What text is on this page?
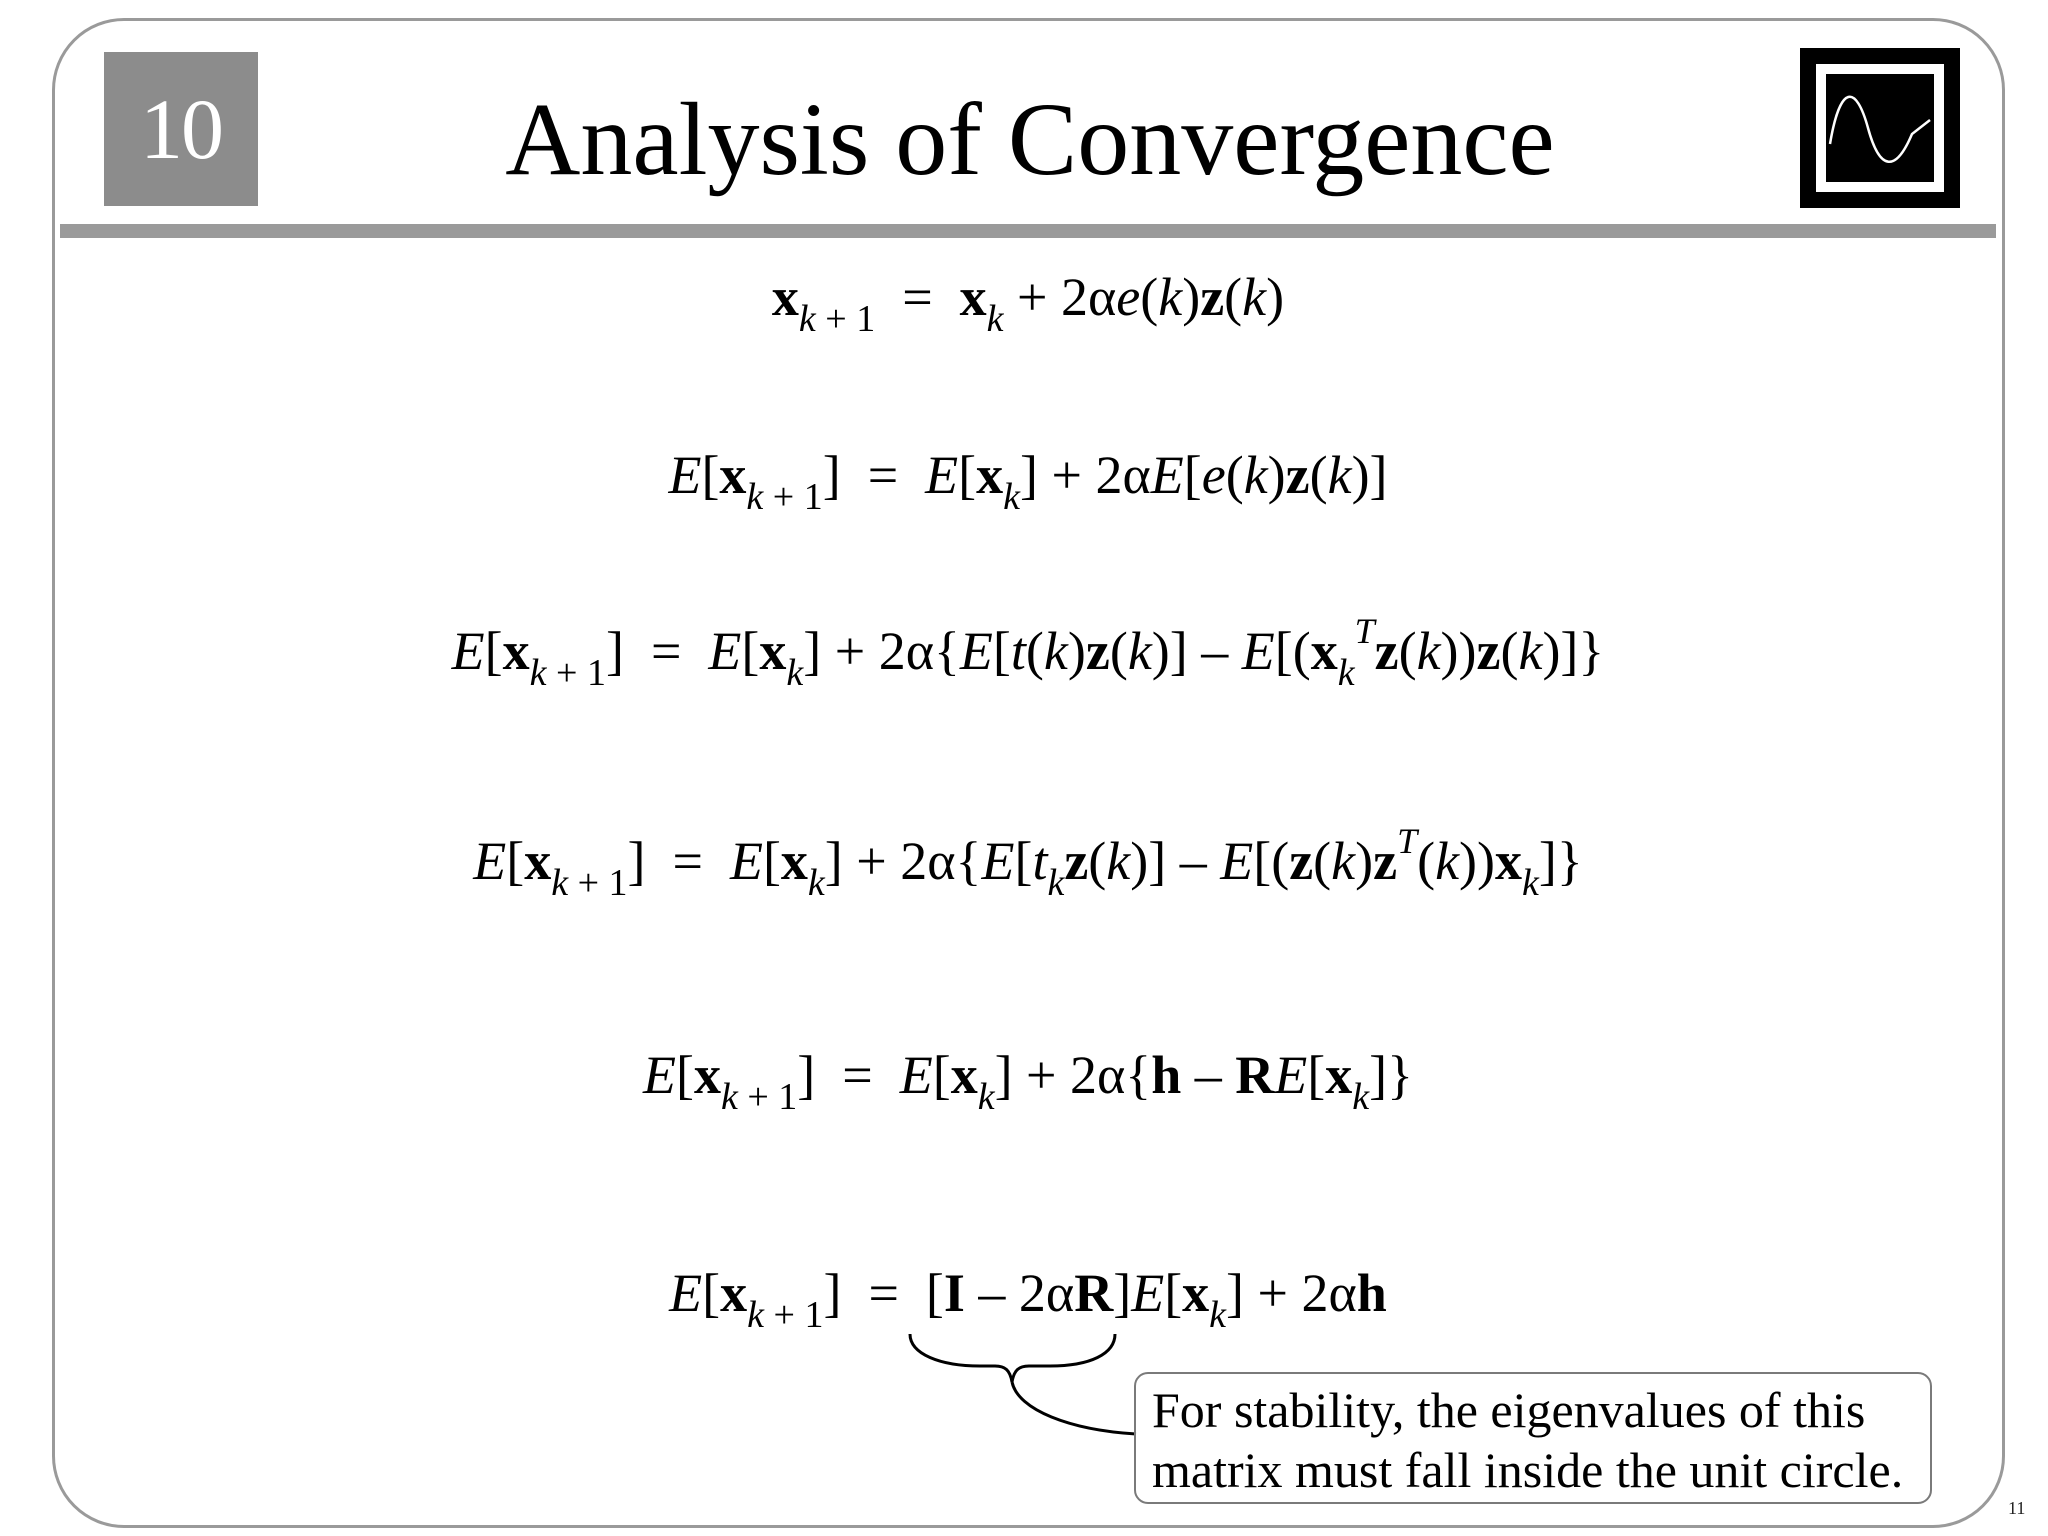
10	Analysis of Convergence
$x_{k + 1} = x_k + 2\alpha e(k)z(k)$
$E[x_{k + 1}] = E[x_k] + 2\alpha E[e(k)z(k)]$
$E[x_{k + 1}] = E[x_k] + 2\alpha\{E[t(k)z(k)] - E[(x_k^Tz(k))z(k)]\}$
$E[x_{k + 1}] = E[x_k] + 2\alpha\{E[t_kz(k)] - E[(z(k)z^T(k))x_k]\}$
$E[x_{k + 1}] = E[x_k] + 2\alpha\{h - RE[x_k]\}$
$E[x_{k + 1}] = [I - 2\alpha R]E[x_k] + 2\alpha h$
For stability, the eigenvalues of this
matrix must fall inside the unit circle.
11
